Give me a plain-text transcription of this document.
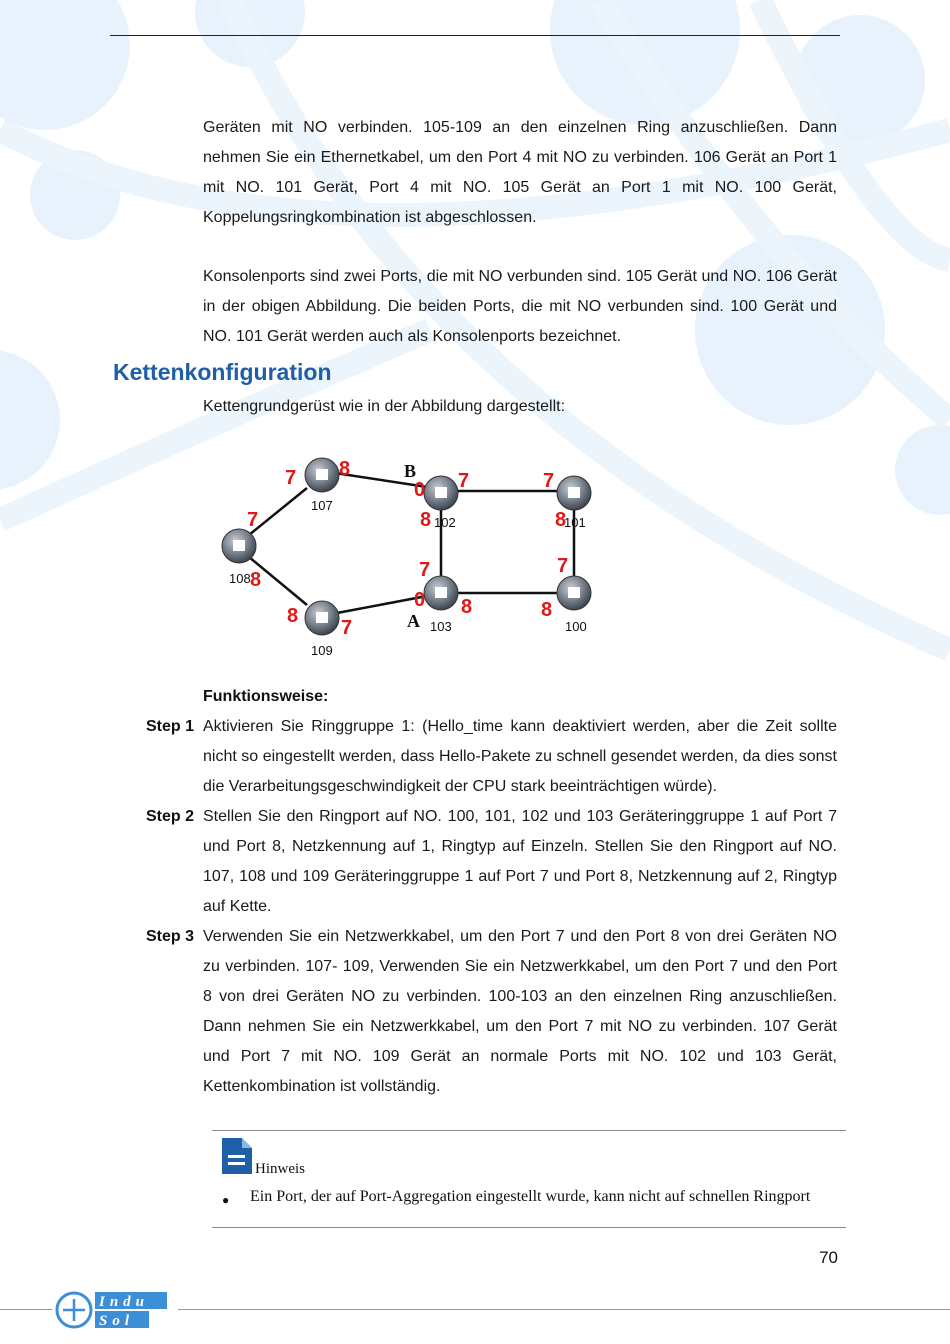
Geräten mit NO verbinden. 105-109 an den einzelnen Ring anzuschließen. Dann nehmen Sie ein Ethernetkabel, um den Port 4 mit NO zu verbinden. 106 Gerät an Port 1 mit NO. 101 Gerät, Port 4 mit NO. 105 Gerät an Port 1 mit NO. 100 Gerät, Koppelungsringkombination ist abgeschlossen.
Konsolenports sind zwei Ports, die mit NO verbunden sind. 105 Gerät und NO. 106 Gerät in der obigen Abbildung. Die beiden Ports, die mit NO verbunden sind. 100 Gerät und NO. 101 Gerät werden auch als Konsolenports bezeichnet.
Kettenkonfiguration
Kettengrundgerüst wie in der Abbildung dargestellt:
107
108
109
102
103
101
100
B
A
7 8
7
8
8
7
7
8
7
8
7
8
7
8
0
0
Funktionsweise:
Step 1 Aktivieren Sie Ringgruppe 1: (Hello_time kann deaktiviert werden, aber die Zeit sollte nicht so eingestellt werden, dass Hello-Pakete zu schnell gesendet werden, da dies sonst die Verarbeitungsgeschwindigkeit der CPU stark beeinträchtigen würde).
Step 2 Stellen Sie den Ringport auf NO. 100, 101, 102 und 103 Geräteringgruppe 1 auf Port 7 und Port 8, Netzkennung auf 1, Ringtyp auf Einzeln. Stellen Sie den Ringport auf NO. 107, 108 und 109 Geräteringgruppe 1 auf Port 7 und Port 8, Netzkennung auf 2, Ringtyp auf Kette.
Step 3 Verwenden Sie ein Netzwerkkabel, um den Port 7 und den Port 8 von drei Geräten NO zu verbinden. 107- 109, Verwenden Sie ein Netzwerkkabel, um den Port 7 und den Port 8 von drei Geräten NO zu verbinden. 100-103 an den einzelnen Ring anzuschließen. Dann nehmen Sie ein Netzwerkkabel, um den Port 7 mit NO zu verbinden. 107 Gerät und Port 7 mit NO. 109 Gerät an normale Ports mit NO. 102 und 103 Gerät, Kettenkombination ist vollständig.
Hinweis
● Ein Port, der auf Port-Aggregation eingestellt wurde, kann nicht auf schnellen Ringport
70
Indu
Sol
